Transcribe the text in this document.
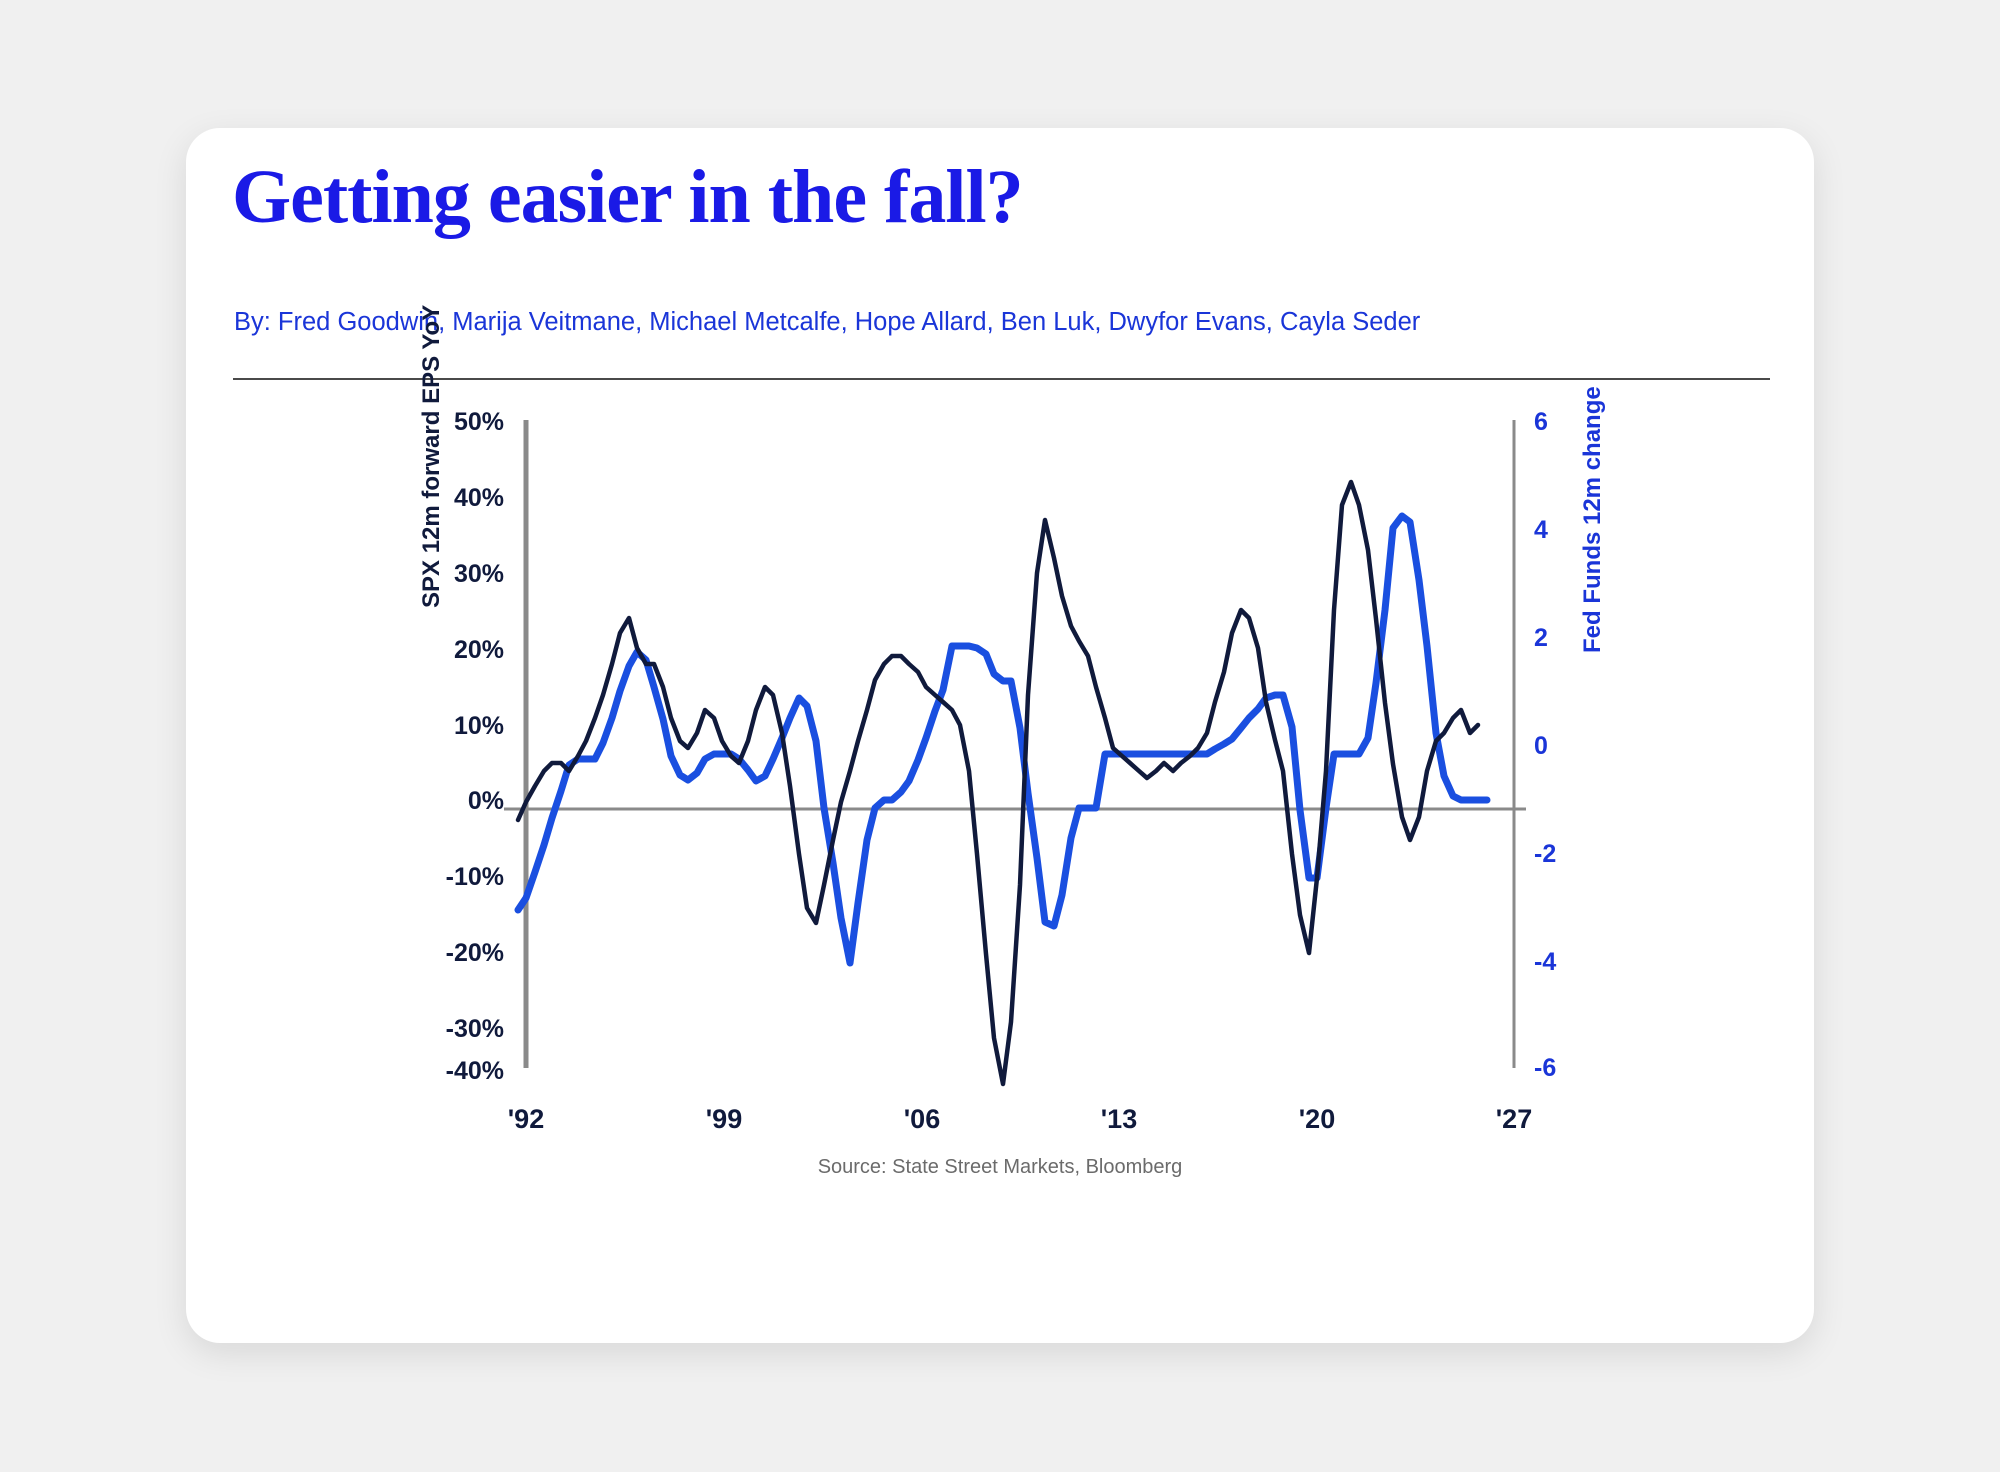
Getting easier in the fall?
By: Fred Goodwin, Marija Veitmane, Michael Metcalfe, Hope Allard, Ben Luk, Dwyfor Evans, Cayla Seder
SPX 12m forward EPS YoY	Fed Funds 12m change
50%
40%
30%
20%
10%
0%
-10%
-20%
-30%
-40%
6
4
2
0
-2
-4
-6
'92	'99	'06	'13	'20	'27
Source: State Street Markets, Bloomberg
